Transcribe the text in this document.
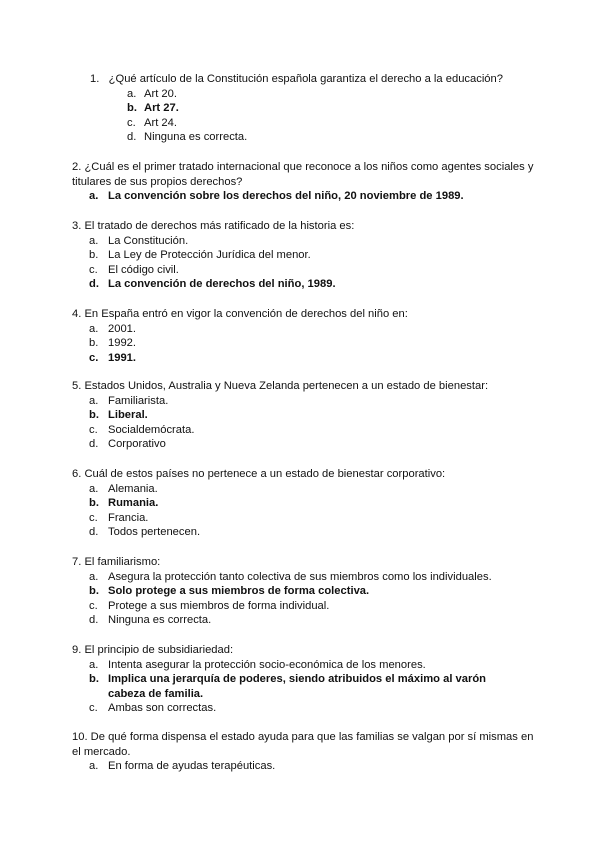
1. ¿Qué artículo de la Constitución española garantiza el derecho a la educación?

a. Art 20.
b. Art 27.
c. Art 24.
d. Ninguna es correcta.

2. ¿Cuál es el primer tratado internacional que reconoce a los niños como agentes sociales y titulares de sus propios derechos?

a. La convención sobre los derechos del niño, 20 noviembre de 1989.

3. El tratado de derechos más ratificado de la historia es:

a. La Constitución.
b. La Ley de Protección Jurídica del menor.
c. El código civil.
d. La convención de derechos del niño, 1989.

4. En España entró en vigor la convención de derechos del niño en:

a. 2001.
b. 1992.
c. 1991.

5. Estados Unidos, Australia y Nueva Zelanda pertenecen a un estado de bienestar:

a. Familiarista.
b. Liberal.
c. Socialdemócrata.
d. Corporativo

6. Cuál de estos países no pertenece a un estado de bienestar corporativo:

a. Alemania.
b. Rumania.
c. Francia.
d. Todos pertenecen.

7. El familiarismo:

a. Asegura la protección tanto colectiva de sus miembros como los individuales.
b. Solo protege a sus miembros de forma colectiva.
c. Protege a sus miembros de forma individual.
d. Ninguna es correcta.

9. El principio de subsidiariedad:

a. Intenta asegurar la protección socio-económica de los menores.
b. Implica una jerarquía de poderes, siendo atribuidos el máximo al varón cabeza de familia.
c. Ambas son correctas.

10. De qué forma dispensa el estado ayuda para que las familias se valgan por sí mismas en el mercado.

a. En forma de ayudas terapéuticas.
